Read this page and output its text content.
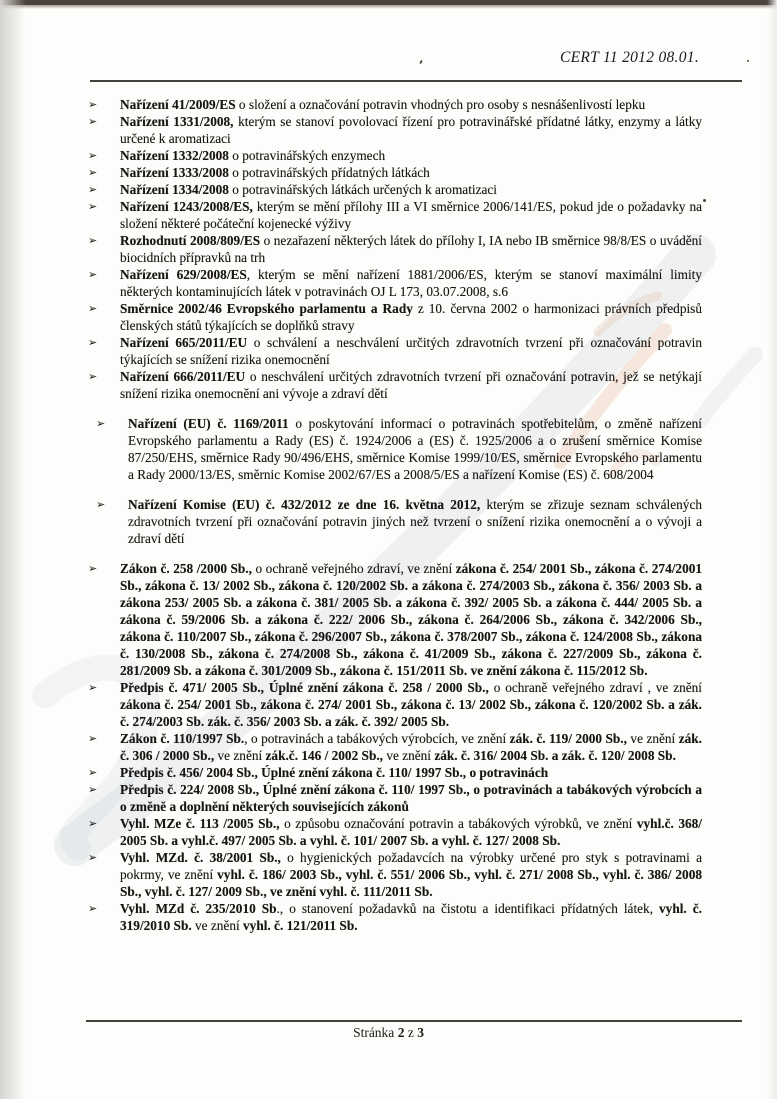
CERT 11 2012 08.01.
➢ Nařízení 41/2009/ES o složení a označování potravin vhodných pro osoby s nesnášenlivostí lepku
➢ Nařízení 1331/2008, kterým se stanoví povolovací řízení pro potravinářské přídatné látky, enzymy a látky určené k aromatizaci
➢ Nařízení 1332/2008 o potravinářských enzymech
➢ Nařízení 1333/2008 o potravinářských přídatných látkách
➢ Nařízení 1334/2008 o potravinářských látkách určených k aromatizaci
➢ Nařízení 1243/2008/ES, kterým se mění přílohy III a VI směrnice 2006/141/ES, pokud jde o požadavky na složení některé počáteční kojenecké výživy
➢ Rozhodnutí 2008/809/ES o nezařazení některých látek do přílohy I, IA nebo IB směrnice 98/8/ES o uvádění biocidních přípravků na trh
➢ Nařízení 629/2008/ES, kterým se mění nařízení 1881/2006/ES, kterým se stanoví maximální limity některých kontaminujících látek v potravinách OJ L 173, 03.07.2008, s.6
➢ Směrnice 2002/46 Evropského parlamentu a Rady z 10. června 2002 o harmonizaci právních předpisů členských států týkajících se doplňků stravy
➢ Nařízení 665/2011/EU o schválení a neschválení určitých zdravotních tvrzení při označování potravin týkajících se snížení rizika onemocnění
➢ Nařízení 666/2011/EU o neschválení určitých zdravotních tvrzení při označování potravin, jež se netýkají snížení rizika onemocnění ani vývoje a zdraví dětí
➢ Nařízení (EU) č. 1169/2011 o poskytování informací o potravinách spotřebitelům, o změně nařízení Evropského parlamentu a Rady (ES) č. 1924/2006 a (ES) č. 1925/2006 a o zrušení směrnice Komise 87/250/EHS, směrnice Rady 90/496/EHS, směrnice Komise 1999/10/ES, směrnice Evropského parlamentu a Rady 2000/13/ES, směrnic Komise 2002/67/ES a 2008/5/ES a nařízení Komise (ES) č. 608/2004
➢ Nařízení Komise (EU) č. 432/2012 ze dne 16. května 2012, kterým se zřizuje seznam schválených zdravotních tvrzení při označování potravin jiných než tvrzení o snížení rizika onemocnění a o vývoji a zdraví dětí
➢ Zákon č. 258 /2000 Sb., o ochraně veřejného zdraví, ve znění zákona č. 254/ 2001 Sb., zákona č. 274/2001 Sb., zákona č. 13/ 2002 Sb., zákona č. 120/2002 Sb. a zákona č. 274/2003 Sb., zákona č. 356/ 2003 Sb. a zákona 253/ 2005 Sb. a zákona č. 381/ 2005 Sb. a zákona č. 392/ 2005 Sb. a zákona č. 444/ 2005 Sb. a zákona č. 59/2006 Sb. a zákona č. 222/ 2006 Sb., zákona č. 264/2006 Sb., zákona č. 342/2006 Sb., zákona č. 110/2007 Sb., zákona č. 296/2007 Sb., zákona č. 378/2007 Sb., zákona č. 124/2008 Sb., zákona č. 130/2008 Sb., zákona č. 274/2008 Sb., zákona č. 41/2009 Sb., zákona č. 227/2009 Sb., zákona č. 281/2009 Sb. a zákona č. 301/2009 Sb., zákona č. 151/2011 Sb. ve znění zákona č. 115/2012 Sb.
➢ Předpis č. 471/ 2005 Sb., Úplné znění zákona č. 258 / 2000 Sb., o ochraně veřejného zdraví , ve znění zákona č. 254/ 2001 Sb., zákona č. 274/ 2001 Sb., zákona č. 13/ 2002 Sb., zákona č. 120/2002 Sb. a zák. č. 274/2003 Sb. zák. č. 356/ 2003 Sb. a zák. č. 392/ 2005 Sb.
➢ Zákon č. 110/1997 Sb., o potravinách a tabákových výrobcích, ve znění zák. č. 119/ 2000 Sb., ve znění zák. č. 306 / 2000 Sb., ve znění zák.č. 146 / 2002 Sb., ve znění zák. č. 316/ 2004 Sb. a zák. č. 120/ 2008 Sb.
➢ Předpis č. 456/ 2004 Sb., Úplné znění zákona č. 110/ 1997 Sb., o potravinách
➢ Předpis č. 224/ 2008 Sb., Úplné znění zákona č. 110/ 1997 Sb., o potravinách a tabákových výrobcích a o změně a doplnění některých souvisejících zákonů
➢ Vyhl. MZe č. 113 /2005 Sb., o způsobu označování potravin a tabákových výrobků, ve znění vyhl.č. 368/ 2005 Sb. a vyhl.č. 497/ 2005 Sb. a vyhl. č. 101/ 2007 Sb. a vyhl. č. 127/ 2008 Sb.
➢ Vyhl. MZd. č. 38/2001 Sb., o hygienických požadavcích na výrobky určené pro styk s potravinami a pokrmy, ve znění vyhl. č. 186/ 2003 Sb., vyhl. č. 551/ 2006 Sb., vyhl. č. 271/ 2008 Sb., vyhl. č. 386/ 2008 Sb., vyhl. č. 127/ 2009 Sb., ve znění vyhl. č. 111/2011 Sb.
➢ Vyhl. MZd č. 235/2010 Sb., o stanovení požadavků na čistotu a identifikaci přídatných látek, vyhl. č. 319/2010 Sb. ve znění vyhl. č. 121/2011 Sb.
Stránka 2 z 3
